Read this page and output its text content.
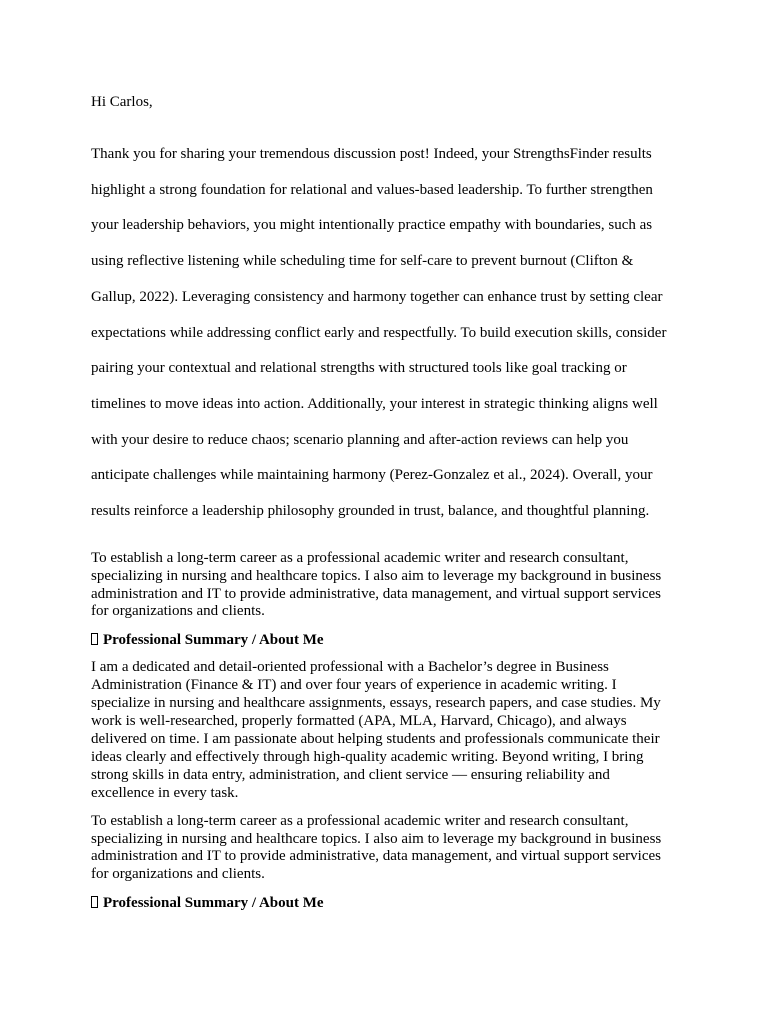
Hi Carlos,

Thank you for sharing your tremendous discussion post! Indeed, your StrengthsFinder results
highlight a strong foundation for relational and values-based leadership. To further strengthen
your leadership behaviors, you might intentionally practice empathy with boundaries, such as
using reflective listening while scheduling time for self-care to prevent burnout (Clifton &
Gallup, 2022). Leveraging consistency and harmony together can enhance trust by setting clear
expectations while addressing conflict early and respectfully. To build execution skills, consider
pairing your contextual and relational strengths with structured tools like goal tracking or
timelines to move ideas into action. Additionally, your interest in strategic thinking aligns well
with your desire to reduce chaos; scenario planning and after-action reviews can help you
anticipate challenges while maintaining harmony (Perez-Gonzalez et al., 2024). Overall, your
results reinforce a leadership philosophy grounded in trust, balance, and thoughtful planning.

To establish a long-term career as a professional academic writer and research consultant,
specializing in nursing and healthcare topics. I also aim to leverage my background in business
administration and IT to provide administrative, data management, and virtual support services
for organizations and clients.

Professional Summary / About Me

I am a dedicated and detail-oriented professional with a Bachelor’s degree in Business
Administration (Finance & IT) and over four years of experience in academic writing. I
specialize in nursing and healthcare assignments, essays, research papers, and case studies. My
work is well-researched, properly formatted (APA, MLA, Harvard, Chicago), and always
delivered on time. I am passionate about helping students and professionals communicate their
ideas clearly and effectively through high-quality academic writing. Beyond writing, I bring
strong skills in data entry, administration, and client service — ensuring reliability and
excellence in every task.

To establish a long-term career as a professional academic writer and research consultant,
specializing in nursing and healthcare topics. I also aim to leverage my background in business
administration and IT to provide administrative, data management, and virtual support services
for organizations and clients.

Professional Summary / About Me
